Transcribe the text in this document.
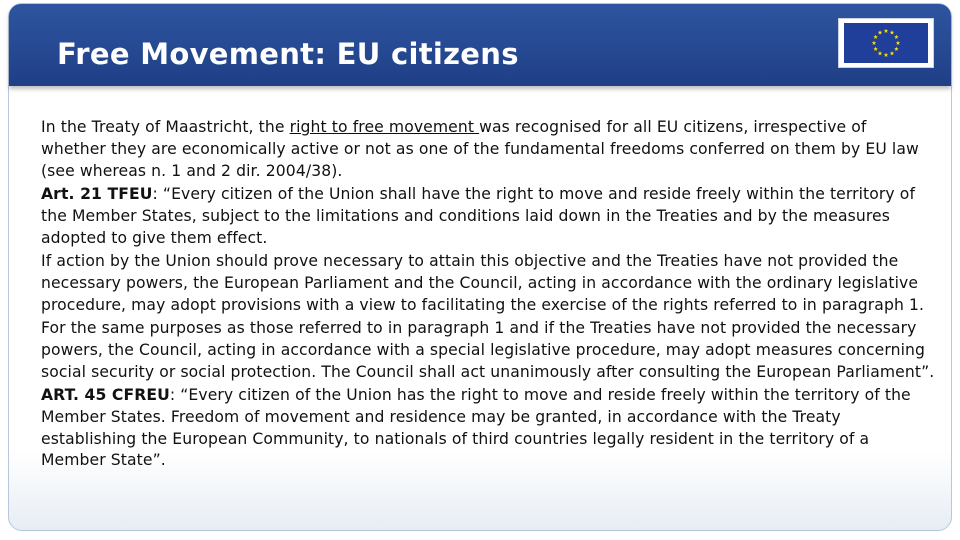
Free Movement: EU citizens

In the Treaty of Maastricht, the right to free movement was recognised for all EU citizens, irrespective of whether they are economically active or not as one of the fundamental freedoms conferred on them by EU law (see whereas n. 1 and 2 dir. 2004/38).

Art. 21 TFEU: “Every citizen of the Union shall have the right to move and reside freely within the territory of the Member States, subject to the limitations and conditions laid down in the Treaties and by the measures adopted to give them effect.

If action by the Union should prove necessary to attain this objective and the Treaties have not provided the necessary powers, the European Parliament and the Council, acting in accordance with the ordinary legislative procedure, may adopt provisions with a view to facilitating the exercise of the rights referred to in paragraph 1.

For the same purposes as those referred to in paragraph 1 and if the Treaties have not provided the necessary powers, the Council, acting in accordance with a special legislative procedure, may adopt measures concerning social security or social protection. The Council shall act unanimously after consulting the European Parliament”.

ART. 45 CFREU: “Every citizen of the Union has the right to move and reside freely within the territory of the Member States. Freedom of movement and residence may be granted, in accordance with the Treaty establishing the European Community, to nationals of third countries legally resident in the territory of a Member State”.
